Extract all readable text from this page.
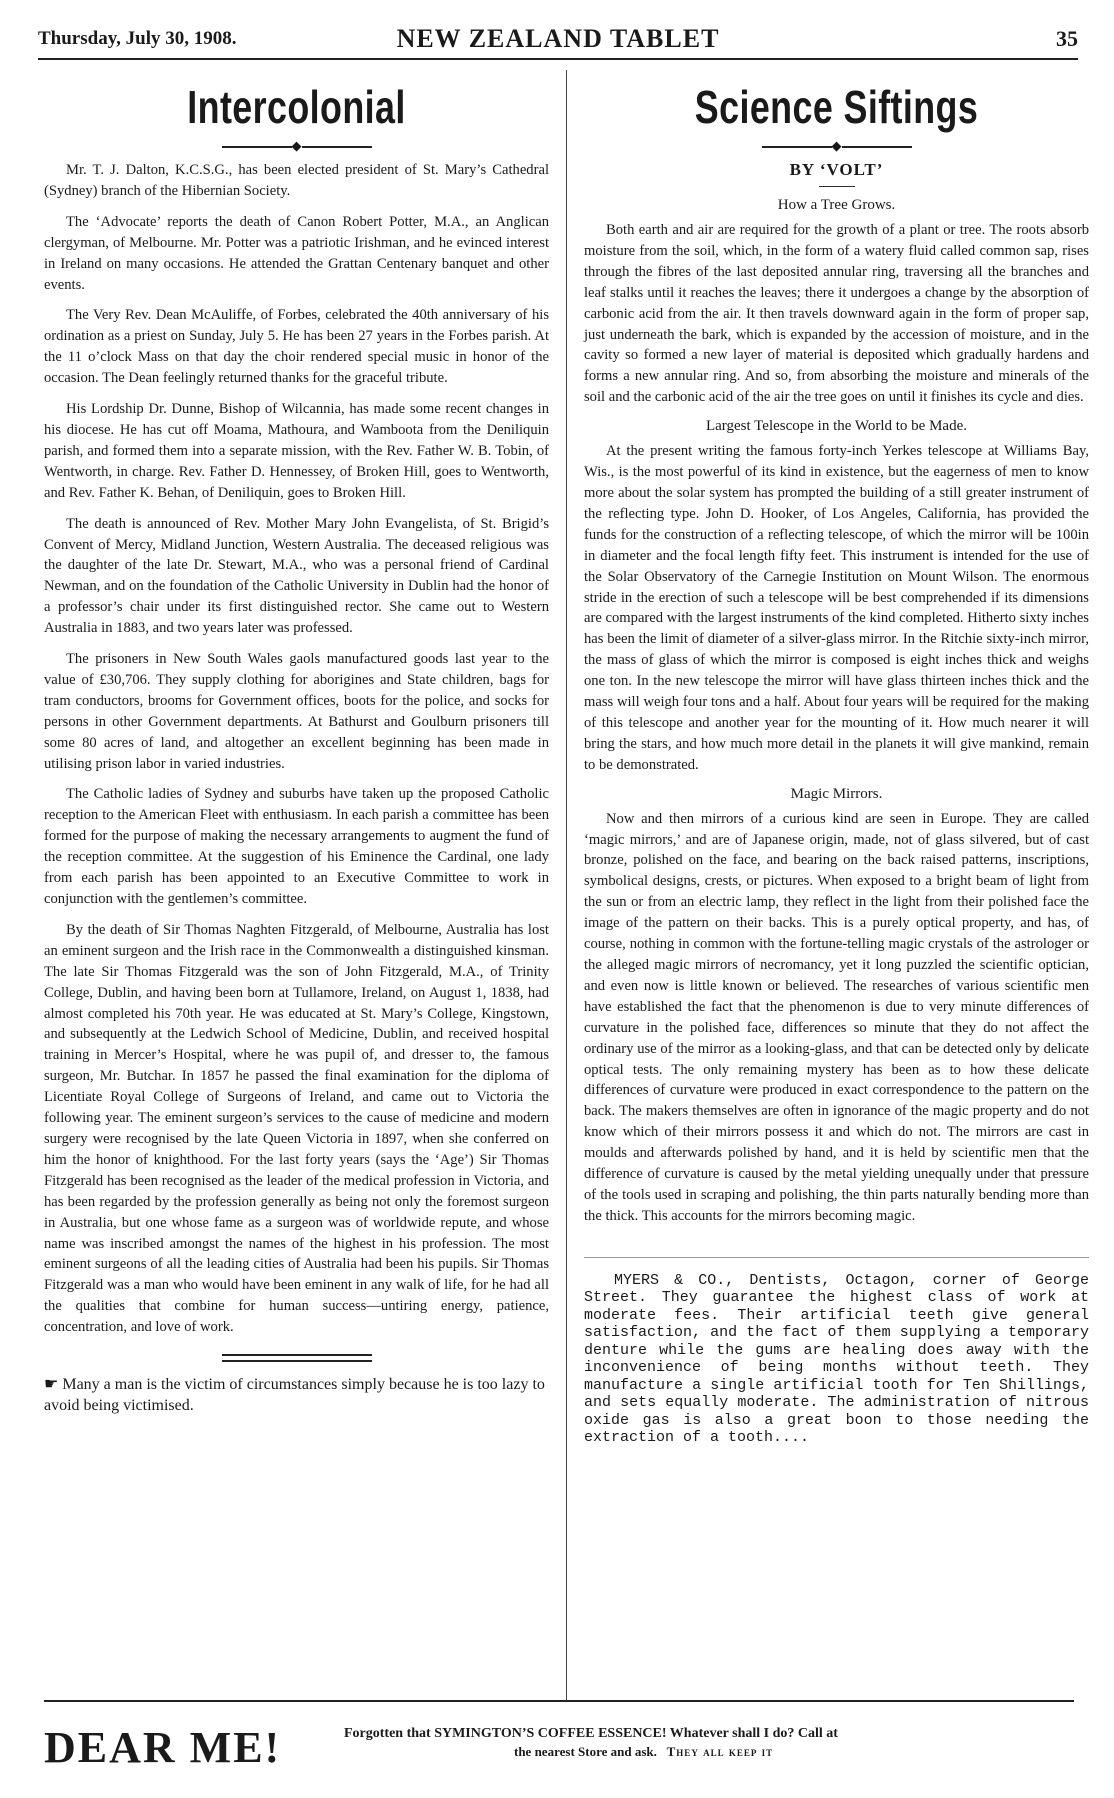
Thursday, July 30, 1908.	NEW ZEALAND TABLET	35
Intercolonial
◆

Mr. T. J. Dalton, K.C.S.G., has been elected president of St. Mary’s Cathedral (Sydney) branch of the Hibernian Society.

The ‘Advocate’ reports the death of Canon Robert Potter, M.A., an Anglican clergyman, of Melbourne. Mr. Potter was a patriotic Irishman, and he evinced interest in Ireland on many occasions. He attended the Grattan Centenary banquet and other events.

The Very Rev. Dean McAuliffe, of Forbes, celebrated the 40th anniversary of his ordination as a priest on Sunday, July 5. He has been 27 years in the Forbes parish. At the 11 o’clock Mass on that day the choir rendered special music in honor of the occasion. The Dean feelingly returned thanks for the graceful tribute.

His Lordship Dr. Dunne, Bishop of Wilcannia, has made some recent changes in his diocese. He has cut off Moama, Mathoura, and Wamboota from the Deniliquin parish, and formed them into a separate mission, with the Rev. Father W. B. Tobin, of Wentworth, in charge. Rev. Father D. Hennessey, of Broken Hill, goes to Wentworth, and Rev. Father K. Behan, of Deniliquin, goes to Broken Hill.

The death is announced of Rev. Mother Mary John Evangelista, of St. Brigid’s Convent of Mercy, Midland Junction, Western Australia. The deceased religious was the daughter of the late Dr. Stewart, M.A., who was a personal friend of Cardinal Newman, and on the foundation of the Catholic University in Dublin had the honor of a professor’s chair under its first distinguished rector. She came out to Western Australia in 1883, and two years later was professed.

The prisoners in New South Wales gaols manufactured goods last year to the value of £30,706. They supply clothing for aborigines and State children, bags for tram conductors, brooms for Government offices, boots for the police, and socks for persons in other Government departments. At Bathurst and Goulburn prisoners till some 80 acres of land, and altogether an excellent beginning has been made in utilising prison labor in varied industries.

The Catholic ladies of Sydney and suburbs have taken up the proposed Catholic reception to the American Fleet with enthusiasm. In each parish a committee has been formed for the purpose of making the necessary arrangements to augment the fund of the reception committee. At the suggestion of his Eminence the Cardinal, one lady from each parish has been appointed to an Executive Committee to work in conjunction with the gentlemen’s committee.

By the death of Sir Thomas Naghten Fitzgerald, of Melbourne, Australia has lost an eminent surgeon and the Irish race in the Commonwealth a distinguished kinsman. The late Sir Thomas Fitzgerald was the son of John Fitzgerald, M.A., of Trinity College, Dublin, and having been born at Tullamore, Ireland, on August 1, 1838, had almost completed his 70th year. He was educated at St. Mary’s College, Kingstown, and subsequently at the Ledwich School of Medicine, Dublin, and received hospital training in Mercer’s Hospital, where he was pupil of, and dresser to, the famous surgeon, Mr. Butchar. In 1857 he passed the final examination for the diploma of Licentiate Royal College of Surgeons of Ireland, and came out to Victoria the following year. The eminent surgeon’s services to the cause of medicine and modern surgery were recognised by the late Queen Victoria in 1897, when she conferred on him the honor of knighthood. For the last forty years (says the ‘Age’) Sir Thomas Fitzgerald has been recognised as the leader of the medical profession in Victoria, and has been regarded by the profession generally as being not only the foremost surgeon in Australia, but one whose fame as a surgeon was of worldwide repute, and whose name was inscribed amongst the names of the highest in his profession. The most eminent surgeons of all the leading cities of Australia had been his pupils. Sir Thomas Fitzgerald was a man who would have been eminent in any walk of life, for he had all the qualities that combine for human success—untiring energy, patience, concentration, and love of work.

☛ Many a man is the victim of circumstances simply because he is too lazy to avoid being victimised.

Science Siftings
◆
BY ‘VOLT’
How a Tree Grows.

Both earth and air are required for the growth of a plant or tree. The roots absorb moisture from the soil, which, in the form of a watery fluid called common sap, rises through the fibres of the last deposited annular ring, traversing all the branches and leaf stalks until it reaches the leaves; there it undergoes a change by the absorption of carbonic acid from the air. It then travels downward again in the form of proper sap, just underneath the bark, which is expanded by the accession of moisture, and in the cavity so formed a new layer of material is deposited which gradually hardens and forms a new annular ring. And so, from absorbing the moisture and minerals of the soil and the carbonic acid of the air the tree goes on until it finishes its cycle and dies.

Largest Telescope in the World to be Made.

At the present writing the famous forty-inch Yerkes telescope at Williams Bay, Wis., is the most powerful of its kind in existence, but the eagerness of men to know more about the solar system has prompted the building of a still greater instrument of the reflecting type. John D. Hooker, of Los Angeles, California, has provided the funds for the construction of a reflecting telescope, of which the mirror will be 100in in diameter and the focal length fifty feet. This instrument is intended for the use of the Solar Observatory of the Carnegie Institution on Mount Wilson. The enormous stride in the erection of such a telescope will be best comprehended if its dimensions are compared with the largest instruments of the kind completed. Hitherto sixty inches has been the limit of diameter of a silver-glass mirror. In the Ritchie sixty-inch mirror, the mass of glass of which the mirror is composed is eight inches thick and weighs one ton. In the new telescope the mirror will have glass thirteen inches thick and the mass will weigh four tons and a half. About four years will be required for the making of this telescope and another year for the mounting of it. How much nearer it will bring the stars, and how much more detail in the planets it will give mankind, remain to be demonstrated.

Magic Mirrors.

Now and then mirrors of a curious kind are seen in Europe. They are called ‘magic mirrors,’ and are of Japanese origin, made, not of glass silvered, but of cast bronze, polished on the face, and bearing on the back raised patterns, inscriptions, symbolical designs, crests, or pictures. When exposed to a bright beam of light from the sun or from an electric lamp, they reflect in the light from their polished face the image of the pattern on their backs. This is a purely optical property, and has, of course, nothing in common with the fortune-telling magic crystals of the astrologer or the alleged magic mirrors of necromancy, yet it long puzzled the scientific optician, and even now is little known or believed. The researches of various scientific men have established the fact that the phenomenon is due to very minute differences of curvature in the polished face, differences so minute that they do not affect the ordinary use of the mirror as a looking-glass, and that can be detected only by delicate optical tests. The only remaining mystery has been as to how these delicate differences of curvature were produced in exact correspondence to the pattern on the back. The makers themselves are often in ignorance of the magic property and do not know which of their mirrors possess it and which do not. The mirrors are cast in moulds and afterwards polished by hand, and it is held by scientific men that the difference of curvature is caused by the metal yielding unequally under that pressure of the tools used in scraping and polishing, the thin parts naturally bending more than the thick. This accounts for the mirrors becoming magic.

MYERS & CO., Dentists, Octagon, corner of George Street. They guarantee the highest class of work at moderate fees. Their artificial teeth give general satisfaction, and the fact of them supplying a temporary denture while the gums are healing does away with the inconvenience of being months without teeth. They manufacture a single artificial tooth for Ten Shillings, and sets equally moderate. The administration of nitrous oxide gas is also a great boon to those needing the extraction of a tooth....
DEAR ME!	Forgotten that SYMINGTON’S COFFEE ESSENCE! Whatever shall I do? Call at
the nearest Store and ask. They all keep it
